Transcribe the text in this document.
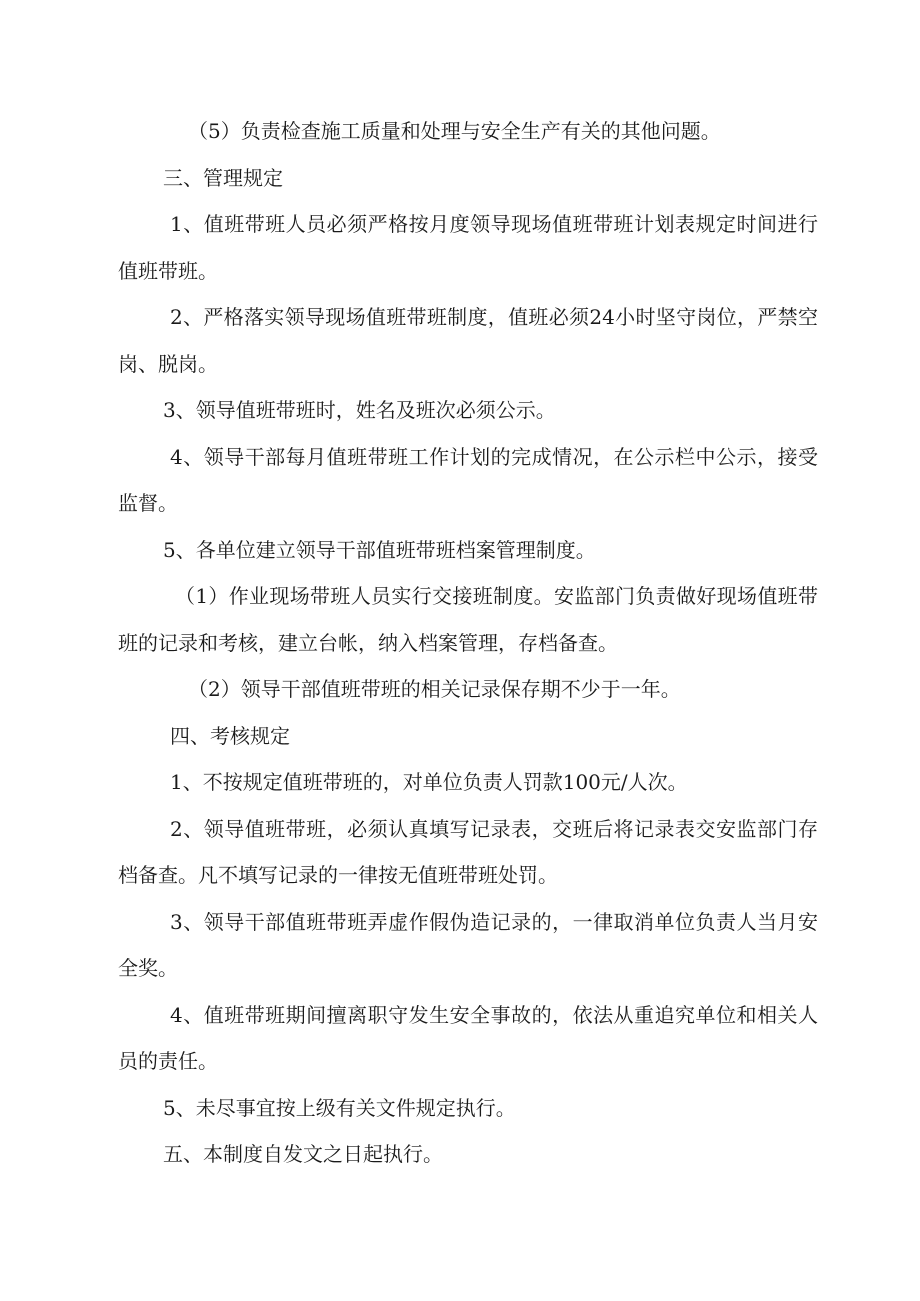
（5）负责检查施工质量和处理与安全生产有关的其他问题。

三、管理规定

1、值班带班人员必须严格按月度领导现场值班带班计划表规定时间进行值班带班。

2、严格落实领导现场值班带班制度，值班必须24小时坚守岗位，严禁空岗、脱岗。

3、领导值班带班时，姓名及班次必须公示。

4、领导干部每月值班带班工作计划的完成情况，在公示栏中公示，接受监督。

5、各单位建立领导干部值班带班档案管理制度。

（1）作业现场带班人员实行交接班制度。安监部门负责做好现场值班带班的记录和考核，建立台帐，纳入档案管理，存档备查。

（2）领导干部值班带班的相关记录保存期不少于一年。

四、考核规定

1、不按规定值班带班的，对单位负责人罚款100元/人次。

2、领导值班带班，必须认真填写记录表，交班后将记录表交安监部门存档备查。凡不填写记录的一律按无值班带班处罚。

3、领导干部值班带班弄虚作假伪造记录的，一律取消单位负责人当月安全奖。

4、值班带班期间擅离职守发生安全事故的，依法从重追究单位和相关人员的责任。

5、未尽事宜按上级有关文件规定执行。

五、本制度自发文之日起执行。
